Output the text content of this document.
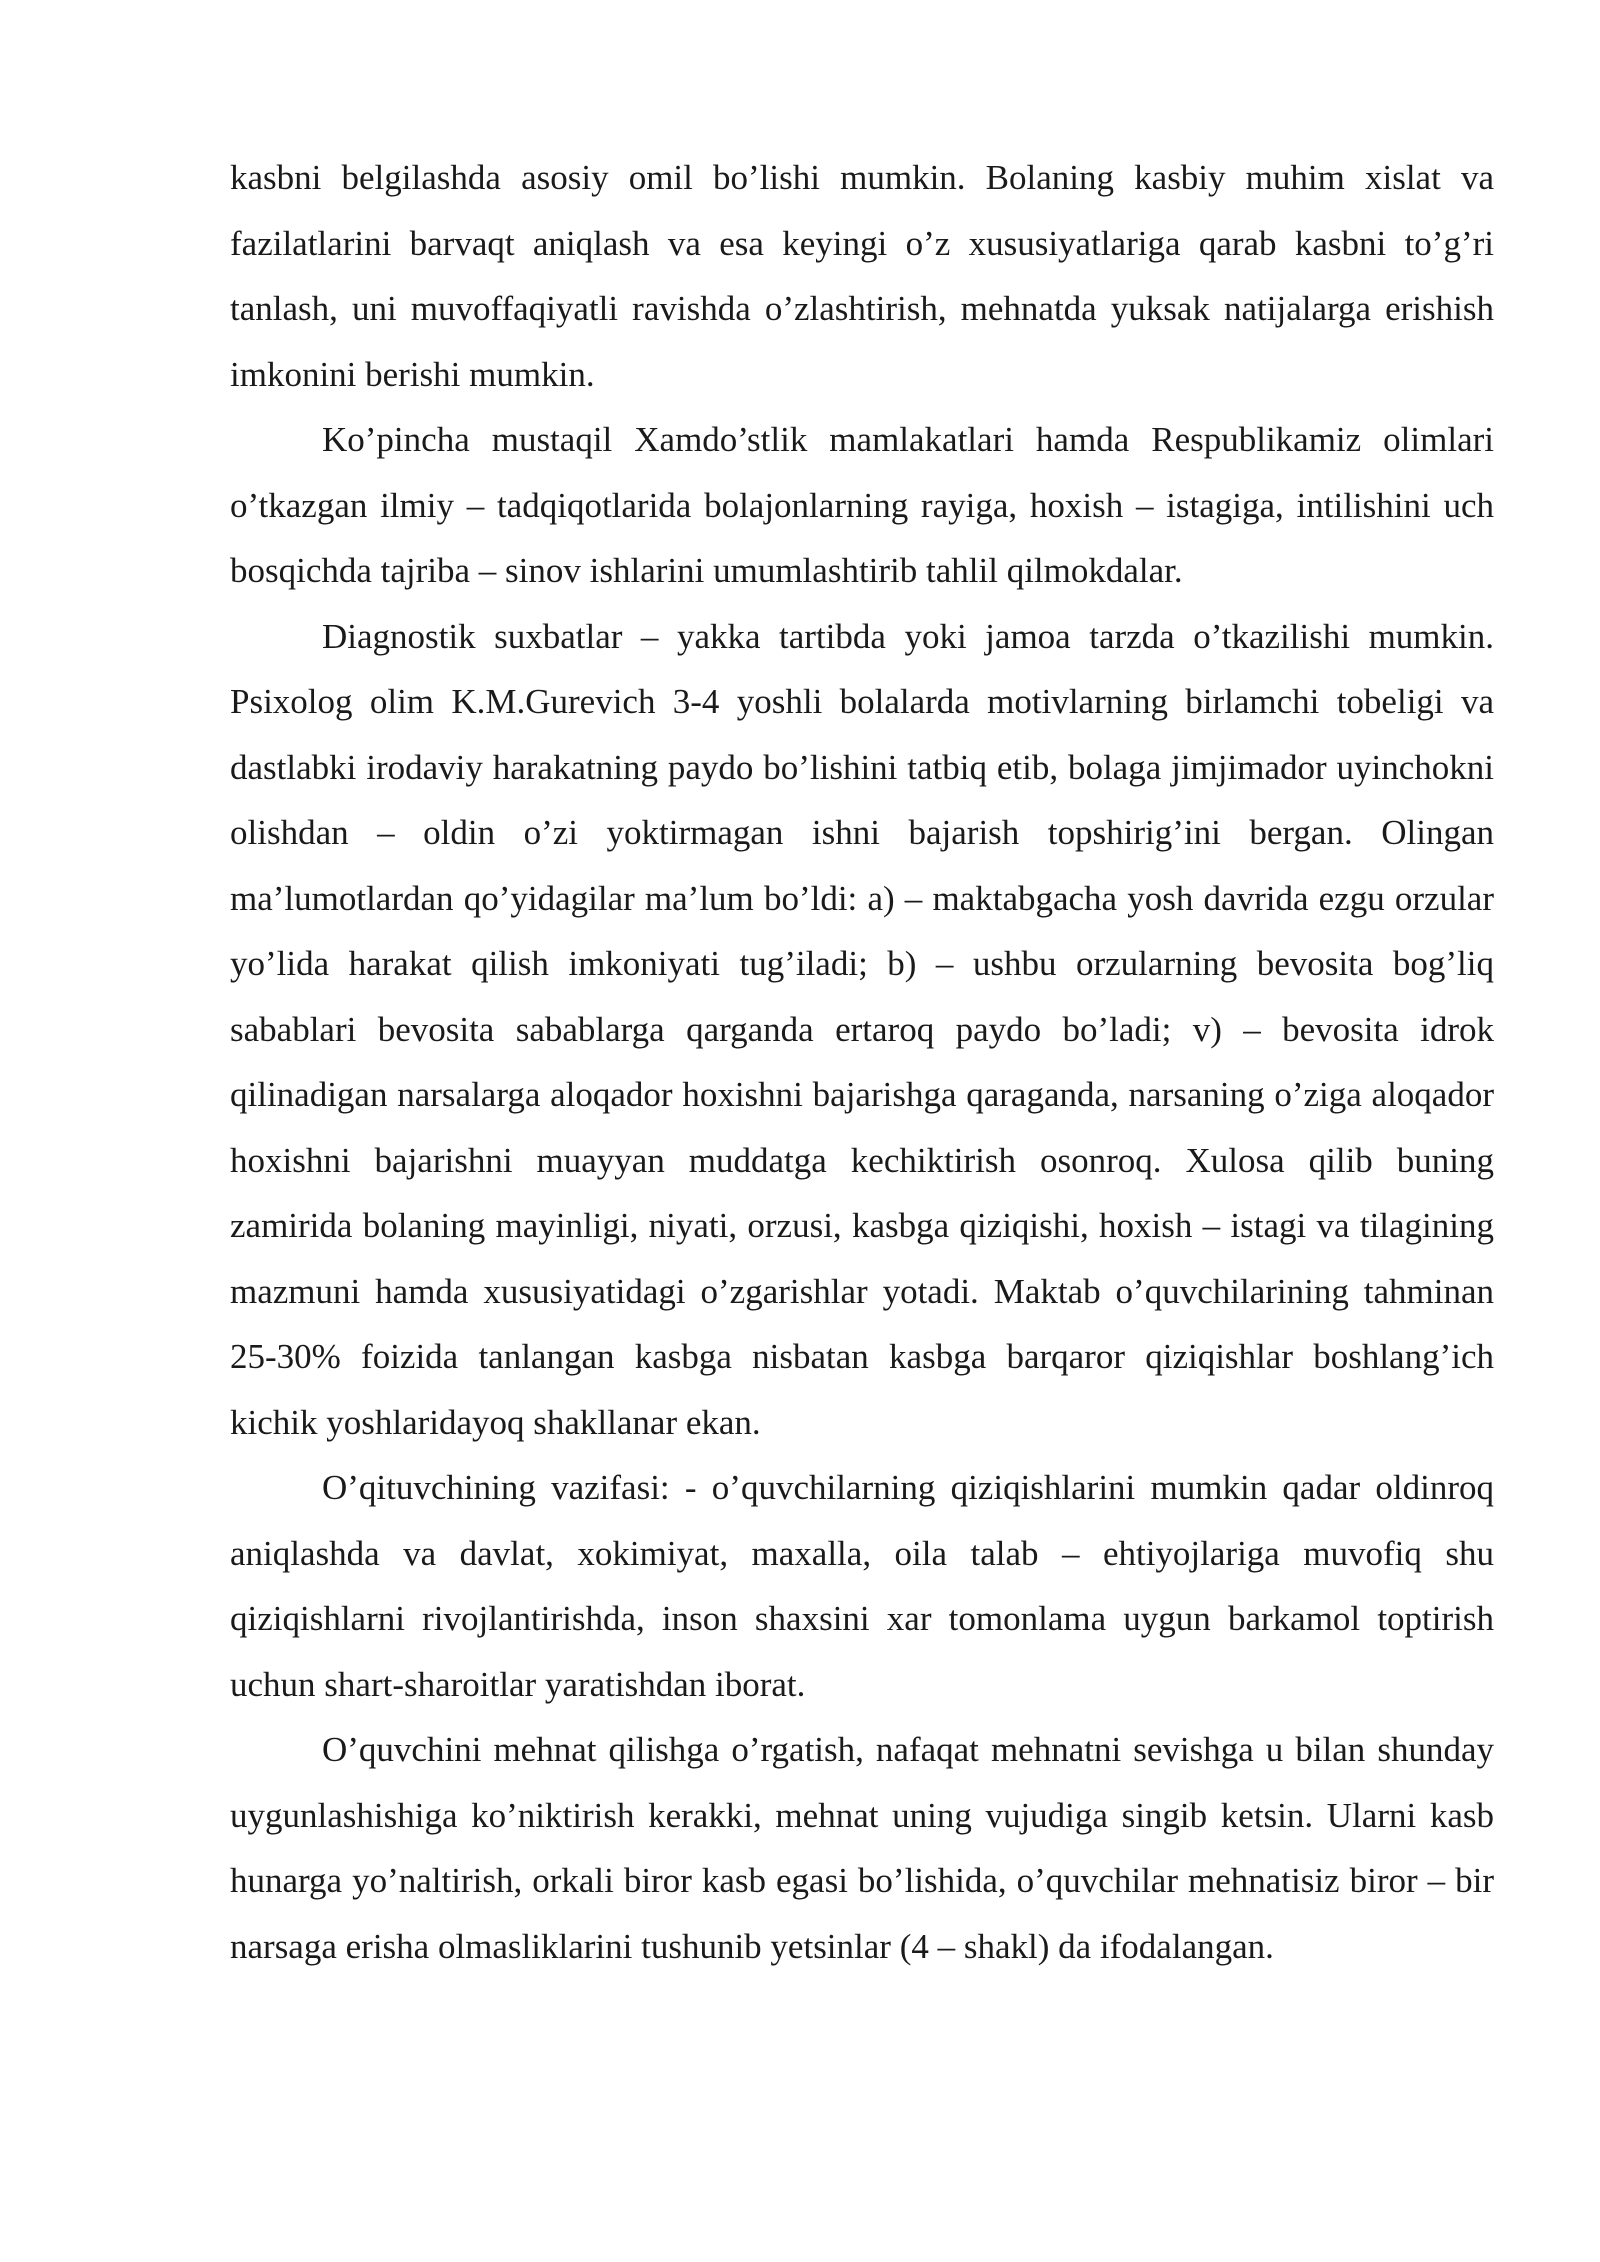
kasbni belgilashda asosiy omil bo’lishi mumkin. Bolaning kasbiy muhim xislat va fazilatlarini barvaqt aniqlash va esa keyingi o’z xususiyatlariga qarab kasbni to’g’ri tanlash, uni muvoffaqiyatli ravishda o’zlashtirish, mehnatda yuksak natijalarga erishish imkonini berishi mumkin.

Ko’pincha mustaqil Xamdo’stlik mamlakatlari hamda Respublikamiz olimlari o’tkazgan ilmiy – tadqiqotlarida bolajonlarning rayiga, hoxish – istagiga, intilishini uch bosqichda tajriba – sinov ishlarini umumlashtirib tahlil qilmokdalar.

Diagnostik suxbatlar – yakka tartibda yoki jamoa tarzda o’tkazilishi mumkin. Psixolog olim K.M.Gurevich 3-4 yoshli bolalarda motivlarning birlamchi tobeligi va dastlabki irodaviy harakatning paydo bo’lishini tatbiq etib, bolaga jimjimador uyinchokni olishdan – oldin o’zi yoktirmagan ishni bajarish topshirig’ini bergan. Olingan ma’lumotlardan qo’yidagilar ma’lum bo’ldi: a) – maktabgacha yosh davrida ezgu orzular yo’lida harakat qilish imkoniyati tug’iladi; b) – ushbu orzularning bevosita bog’liq sabablari bevosita sabablarga qarganda ertaroq paydo bo’ladi; v) – bevosita idrok qilinadigan narsalarga aloqador hoxishni bajarishga qaraganda, narsaning o’ziga aloqador hoxishni bajarishni muayyan muddatga kechiktirish osonroq. Xulosa qilib buning zamirida bolaning mayinligi, niyati, orzusi, kasbga qiziqishi, hoxish – istagi va tilagining mazmuni hamda xususiyatidagi o’zgarishlar yotadi. Maktab o’quvchilarining tahminan 25-30% foizida tanlangan kasbga nisbatan kasbga barqaror qiziqishlar boshlang’ich kichik yoshlaridayoq shakllanar ekan.

O’qituvchining vazifasi: - o’quvchilarning qiziqishlarini mumkin qadar oldinroq aniqlashda va davlat, xokimiyat, maxalla, oila talab – ehtiyojlariga muvofiq shu qiziqishlarni rivojlantirishda, inson shaxsini xar tomonlama uygun barkamol toptirish uchun shart-sharoitlar yaratishdan iborat.

O’quvchini mehnat qilishga o’rgatish, nafaqat mehnatni sevishga u bilan shunday uygunlashishiga ko’niktirish kerakki, mehnat uning vujudiga singib ketsin. Ularni kasb hunarga yo’naltirish, orkali biror kasb egasi bo’lishida, o’quvchilar mehnatisiz biror – bir narsaga erisha olmasliklarini tushunib yetsinlar (4 – shakl) da ifodalangan.
